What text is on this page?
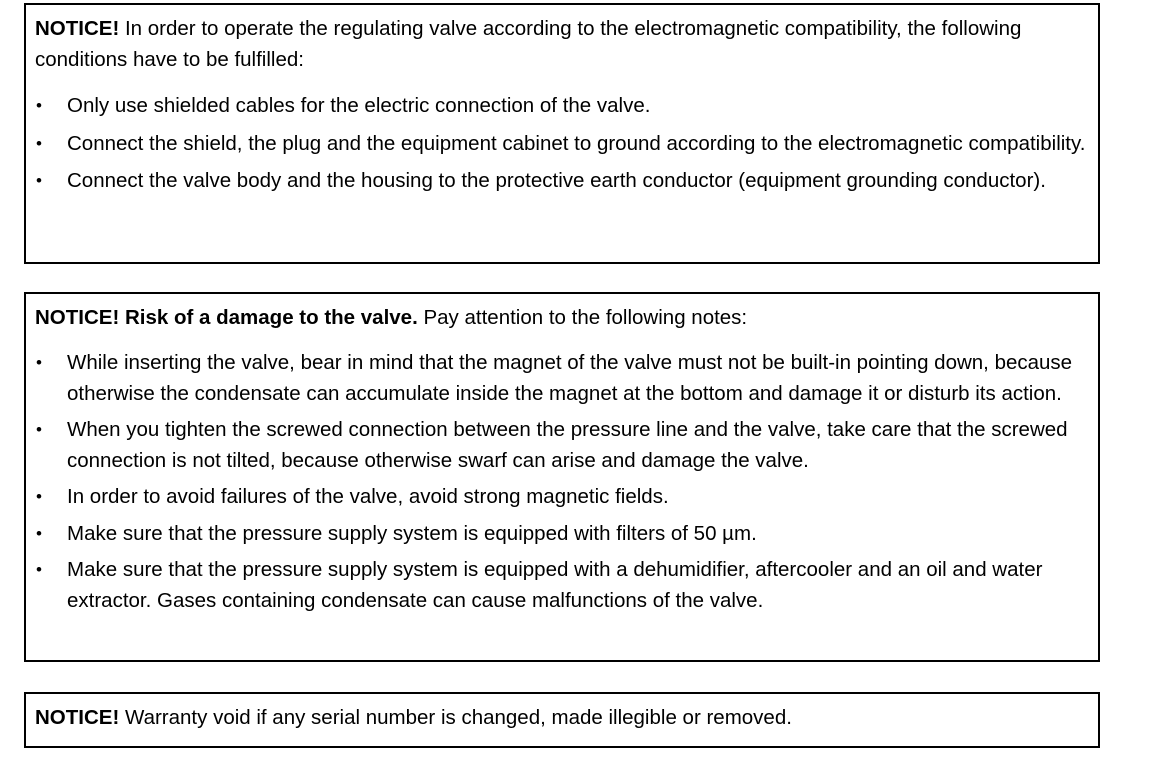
NOTICE! In order to operate the regulating valve according to the electromagnetic compatibility, the following conditions have to be fulfilled:

• Only use shielded cables for the electric connection of the valve.
• Connect the shield, the plug and the equipment cabinet to ground according to the electromagnetic compatibility.
• Connect the valve body and the housing to the protective earth conductor (equipment grounding conductor).

NOTICE! Risk of a damage to the valve. Pay attention to the following notes:

• While inserting the valve, bear in mind that the magnet of the valve must not be built-in pointing down, because otherwise the condensate can accumulate inside the magnet at the bottom and damage it or disturb its action.
• When you tighten the screwed connection between the pressure line and the valve, take care that the screwed connection is not tilted, because otherwise swarf can arise and damage the valve.
• In order to avoid failures of the valve, avoid strong magnetic fields.
• Make sure that the pressure supply system is equipped with filters of 50 µm.
• Make sure that the pressure supply system is equipped with a dehumidifier, aftercooler and an oil and water extractor. Gases containing condensate can cause malfunctions of the valve.

NOTICE! Warranty void if any serial number is changed, made illegible or removed.
